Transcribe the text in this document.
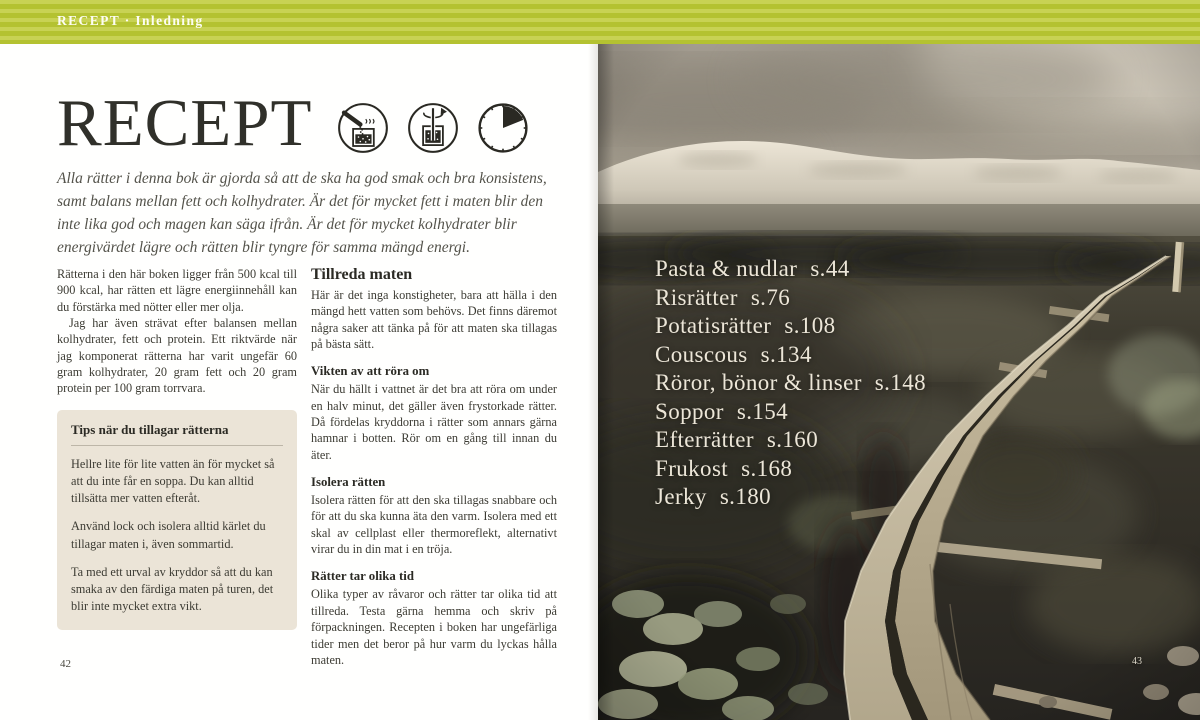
RECEPT · Inledning
RECEPT
Alla rätter i denna bok är gjorda så att de ska ha god smak och bra konsistens, samt balans mellan fett och kolhydrater. Är det för mycket fett i maten blir den inte lika god och magen kan säga ifrån. Är det för mycket kolhydrater blir energivärdet lägre och rätten blir tyngre för samma mängd energi.

Rätterna i den här boken ligger från 500 kcal till 900 kcal, har rätten ett lägre energiinnehåll kan du förstärka med nötter eller mer olja.

Jag har även strävat efter balansen mellan kolhydrater, fett och protein. Ett riktvärde när jag komponerat rätterna har varit ungefär 60 gram kolhydrater, 20 gram fett och 20 gram protein per 100 gram torrvara.

Tips när du tillagar rätterna

Hellre lite för lite vatten än för mycket så att du inte får en soppa. Du kan alltid tillsätta mer vatten efteråt.

Använd lock och isolera alltid kärlet du tillagar maten i, även sommartid.

Ta med ett urval av kryddor så att du kan smaka av den färdiga maten på turen, det blir inte mycket extra vikt.

Tillreda maten

Här är det inga konstigheter, bara att hälla i den mängd hett vatten som behövs. Det finns däremot några saker att tänka på för att maten ska tillagas på bästa sätt.

Vikten av att röra om

När du hällt i vattnet är det bra att röra om under en halv minut, det gäller även frystorkade rätter. Då fördelas kryddorna i rätter som annars gärna hamnar i botten. Rör om en gång till innan du äter.

Isolera rätten

Isolera rätten för att den ska tillagas snabbare och för att du ska kunna äta den varm. Isolera med ett skal av cellplast eller thermoreflekt, alternativt virar du in din mat i en tröja.

Rätter tar olika tid

Olika typer av råvaror och rätter tar olika tid att tillreda. Testa gärna hemma och skriv på förpackningen. Recepten i boken har ungefärliga tider men det beror på hur varm du lyckas hålla maten.

42
Pasta & nudlar s.44
Risrätter s.76
Potatisrätter s.108
Couscous s.134
Röror, bönor & linser s.148
Soppor s.154
Efterrätter s.160
Frukost s.168
Jerky s.180
43
